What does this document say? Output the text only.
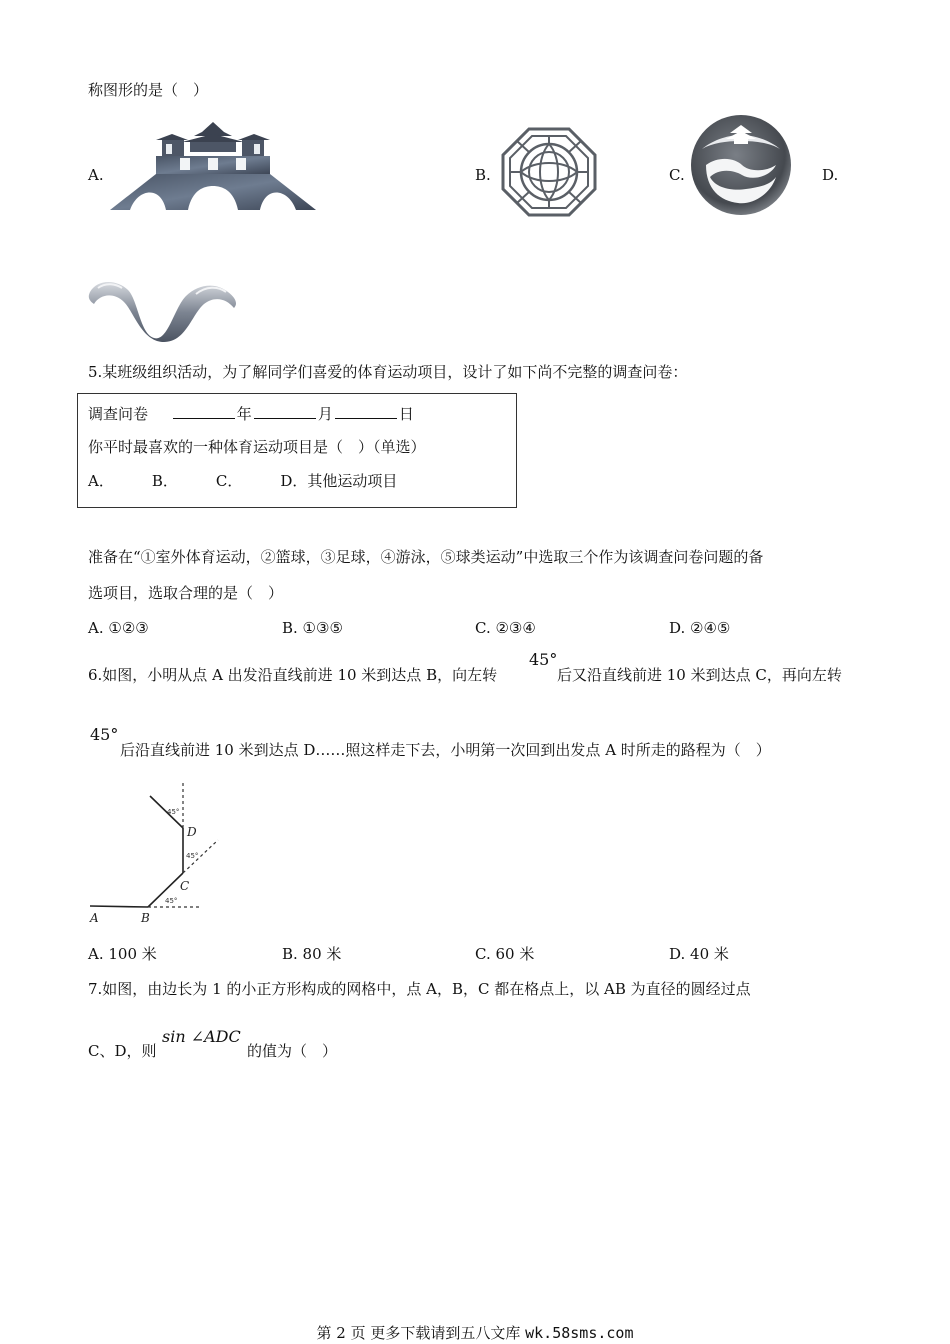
称图形的是（　）
A.	B.	C.	D.
5.某班级组织活动，为了解同学们喜爱的体育运动项目，设计了如下尚不完整的调查问卷：
调查问卷	年	月	日
你平时最喜欢的一种体育运动项目是（　）（单选）
A．	B．	C．	D．其他运动项目
准备在“①室外体育运动，②篮球，③足球，④游泳，⑤球类运动”中选取三个作为该调查问卷问题的备
选项目，选取合理的是（　）
A. ①②③	B. ①③⑤	C. ②③④	D. ②④⑤
6.如图，小明从点 A 出发沿直线前进 10 米到达点 B，向左转
45°
后又沿直线前进 10 米到达点 C，再向左转
45°
后沿直线前进 10 米到达点 D……照这样走下去，小明第一次回到出发点 A 时所走的路程为（　）
A	B
C
D
45°
45°
45°
A. 100 米	B. 80 米	C. 60 米	D. 40 米
7.如图，由边长为 1 的小正方形构成的网格中，点 A，B，C 都在格点上，以 AB 为直径的圆经过点
C、D，则
sin ∠ADC
的值为（　）
第 2 页 更多下载请到五八文库 wk.58sms.com
